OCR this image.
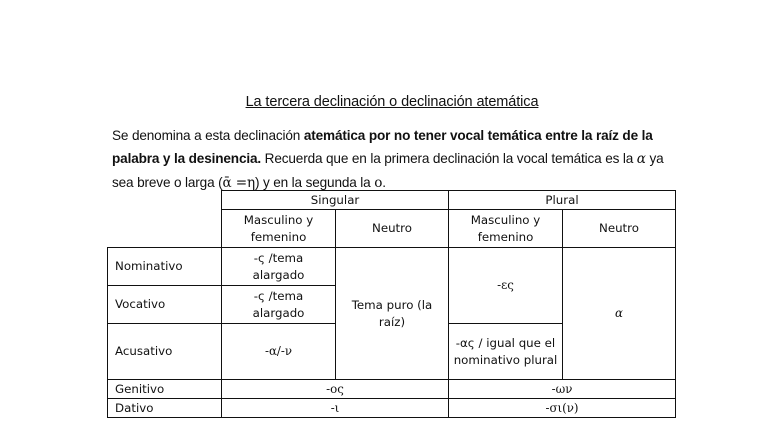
La tercera declinación o declinación atemática
Se denomina a esta declinación atemática por no tener vocal temática entre la raíz de la palabra y la desinencia. Recuerda que en la primera declinación la vocal temática es la α ya sea breve o larga (ᾱ =η) y en la segunda la ο.
	Singular		Plural	
	Masculino y femenino	Neutro	Masculino y femenino	Neutro
Nominativo	-ς /tema alargado	Tema puro (la raíz)	-ες	α
Vocativo	-ς /tema alargado			
Acusativo	-α/-ν		-ας / igual que el nominativo plural	
Genitivo	-ος		-ων	
Dativo	-ι		-σι(ν)	
